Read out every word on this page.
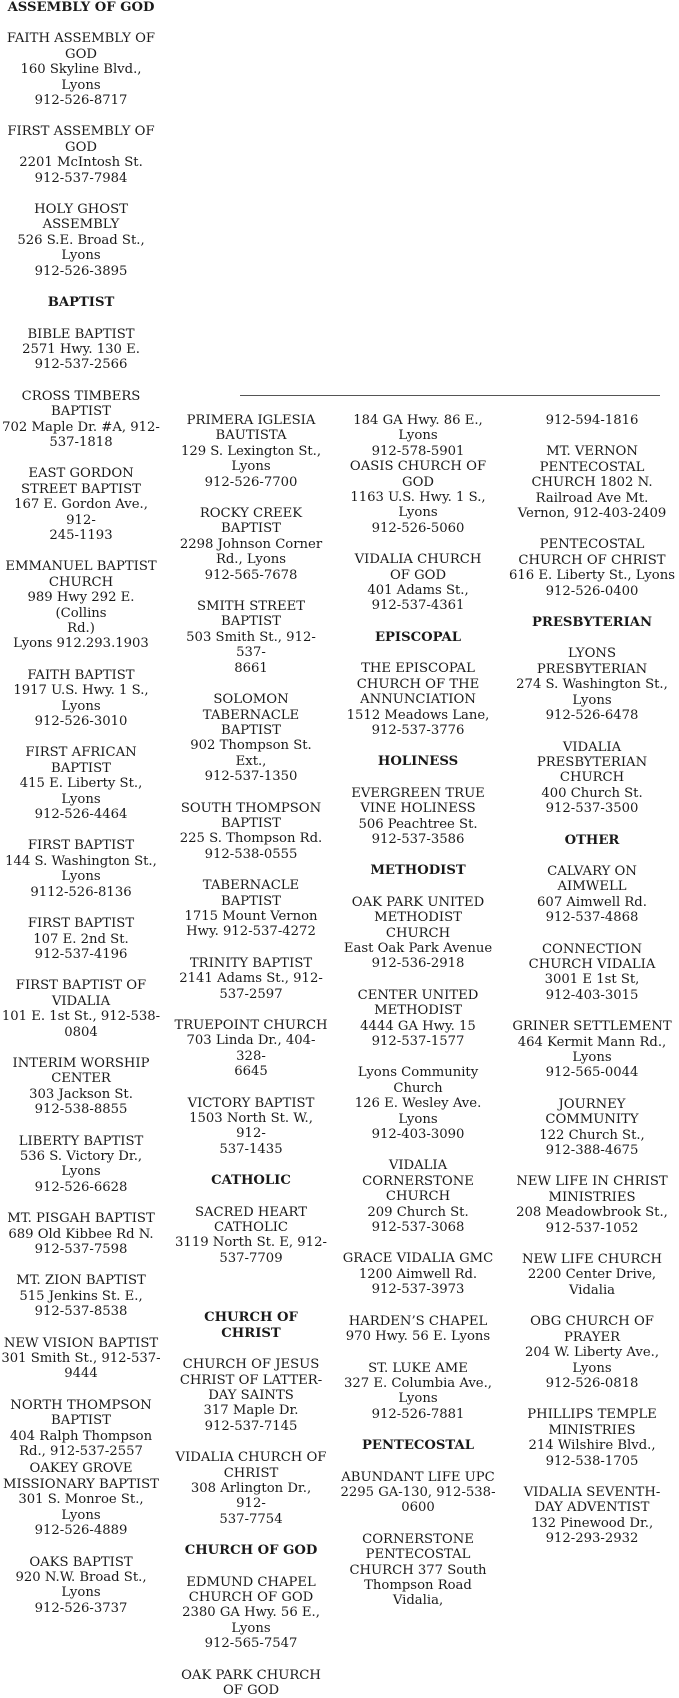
ASSEMBLY OF GOD
FAITH ASSEMBLY OF
GOD
160 Skyline Blvd., Lyons
912-526-8717
FIRST ASSEMBLY OF
GOD
2201 McIntosh St.
912-537-7984
HOLY GHOST
ASSEMBLY
526 S.E. Broad St., Lyons
912-526-3895
BAPTIST
BIBLE BAPTIST
2571 Hwy. 130 E.
912-537-2566
CROSS TIMBERS
BAPTIST
702 Maple Dr. #A, 912-
537-1818
EAST GORDON
STREET BAPTIST
167 E. Gordon Ave., 912-
245-1193
EMMANUEL BAPTIST
CHURCH
989 Hwy 292 E. (Collins
Rd.)
Lyons 912.293.1903
FAITH BAPTIST
1917 U.S. Hwy. 1 S.,
Lyons
912-526-3010
FIRST AFRICAN
BAPTIST
415 E. Liberty St., Lyons
912-526-4464
FIRST BAPTIST
144 S. Washington St.,
Lyons
9112-526-8136
FIRST BAPTIST
107 E. 2nd St.
912-537-4196
FIRST BAPTIST OF
VIDALIA
101 E. 1st St., 912-538-
0804
INTERIM WORSHIP
CENTER
303 Jackson St.
912-538-8855
LIBERTY BAPTIST
536 S. Victory Dr., Lyons
912-526-6628
MT. PISGAH BAPTIST
689 Old Kibbee Rd N.
912-537-7598
MT. ZION BAPTIST
515 Jenkins St. E.,
912-537-8538
NEW VISION BAPTIST
301 Smith St., 912-537-
9444
NORTH THOMPSON
BAPTIST
404 Ralph Thompson
Rd., 912-537-2557
OAKEY GROVE
MISSIONARY BAPTIST
301 S. Monroe St., Lyons
912-526-4889
OAKS BAPTIST
920 N.W. Broad St.,
Lyons
912-526-3737
PRIMERA IGLESIA
BAUTISTA
129 S. Lexington St.,
Lyons
912-526-7700
ROCKY CREEK
BAPTIST
2298 Johnson Corner
Rd., Lyons
912-565-7678
SMITH STREET
BAPTIST
503 Smith St., 912-537-
8661
SOLOMON
TABERNACLE
BAPTIST
902 Thompson St. Ext.,
912-537-1350
SOUTH THOMPSON
BAPTIST
225 S. Thompson Rd.
912-538-0555
TABERNACLE
BAPTIST
1715 Mount Vernon
Hwy. 912-537-4272
TRINITY BAPTIST
2141 Adams St., 912-
537-2597
TRUEPOINT CHURCH
703 Linda Dr., 404-328-
6645
VICTORY BAPTIST
1503 North St. W., 912-
537-1435
CATHOLIC
SACRED HEART
CATHOLIC
3119 North St. E, 912-
537-7709
CHURCH OF CHRIST
CHURCH OF JESUS
CHRIST OF LATTER-
DAY SAINTS
317 Maple Dr.
912-537-7145
VIDALIA CHURCH OF
CHRIST
308 Arlington Dr., 912-
537-7754
CHURCH OF GOD
EDMUND CHAPEL
CHURCH OF GOD
2380 GA Hwy. 56 E.,
Lyons
912-565-7547
OAK PARK CHURCH
OF GOD
184 GA Hwy. 86 E.,
Lyons
912-578-5901
OASIS CHURCH OF
GOD
1163 U.S. Hwy. 1 S.,
Lyons
912-526-5060
VIDALIA CHURCH
OF GOD
401 Adams St.,
912-537-4361
EPISCOPAL
THE EPISCOPAL
CHURCH OF THE
ANNUNCIATION
1512 Meadows Lane,
912-537-3776
HOLINESS
EVERGREEN TRUE
VINE HOLINESS
506 Peachtree St.
912-537-3586
METHODIST
OAK PARK UNITED
METHODIST
CHURCH
East Oak Park Avenue
912-536-2918
CENTER UNITED
METHODIST
4444 GA Hwy. 15
912-537-1577
Lyons Community
Church
126 E. Wesley Ave.
Lyons
912-403-3090
VIDALIA
CORNERSTONE
CHURCH
209 Church St.
912-537-3068
GRACE VIDALIA GMC
1200 Aimwell Rd.
912-537-3973
HARDEN’S CHAPEL
970 Hwy. 56 E. Lyons
ST. LUKE AME
327 E. Columbia Ave.,
Lyons
912-526-7881
PENTECOSTAL
ABUNDANT LIFE UPC
2295 GA-130, 912-538-
0600
CORNERSTONE
PENTECOSTAL
CHURCH 377 South
Thompson Road Vidalia,
912-594-1816
MT. VERNON
PENTECOSTAL
CHURCH 1802 N.
Railroad Ave Mt.
Vernon, 912-403-2409
PENTECOSTAL
CHURCH OF CHRIST
616 E. Liberty St., Lyons
912-526-0400
PRESBYTERIAN
LYONS
PRESBYTERIAN
274 S. Washington St.,
Lyons
912-526-6478
VIDALIA
PRESBYTERIAN
CHURCH
400 Church St.
912-537-3500
OTHER
CALVARY ON
AIMWELL
607 Aimwell Rd.
912-537-4868
CONNECTION
CHURCH VIDALIA
3001 E 1st St,
912-403-3015
GRINER SETTLEMENT
464 Kermit Mann Rd.,
Lyons
912-565-0044
JOURNEY
COMMUNITY
122 Church St.,
912-388-4675
NEW LIFE IN CHRIST
MINISTRIES
208 Meadowbrook St.,
912-537-1052
NEW LIFE CHURCH
2200 Center Drive,
Vidalia
OBG CHURCH OF
PRAYER
204 W. Liberty Ave.,
Lyons
912-526-0818
PHILLIPS TEMPLE
MINISTRIES
214 Wilshire Blvd.,
912-538-1705
VIDALIA SEVENTH-
DAY ADVENTIST
132 Pinewood Dr.,
912-293-2932
